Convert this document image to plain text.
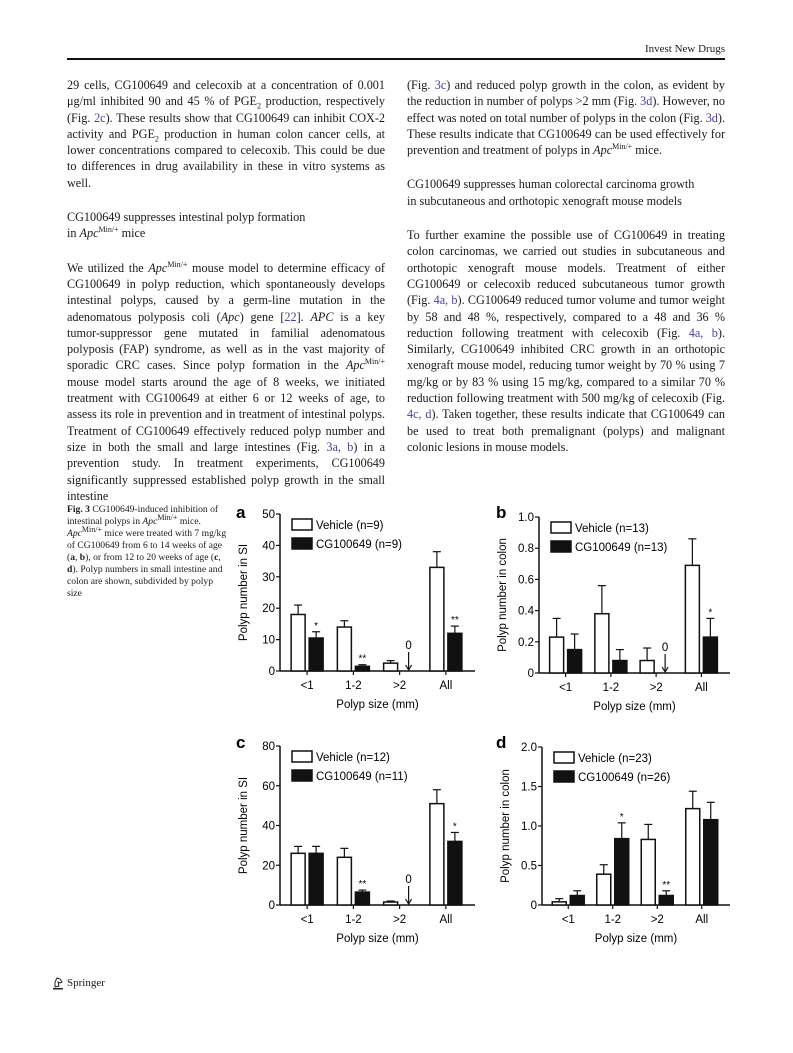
Invest New Drugs

29 cells, CG100649 and celecoxib at a concentration of 0.001 μg/ml inhibited 90 and 45 % of $PGE_2$ production, respectively (Fig. 2c). These results show that CG100649 can inhibit COX-2 activity and $PGE_2$ production in human colon cancer cells, at lower concentrations compared to celecoxib. This could be due to differences in drug availability in these in vitro systems as well.

CG100649 suppresses intestinal polyp formation
in Apc$^{Min/+}$ mice

We utilized the Apc$^{Min/+}$ mouse model to determine efficacy of CG100649 in polyp reduction, which spontaneously develops intestinal polyps, caused by a germ-line mutation in the adenomatous polyposis coli (Apc) gene [22]. APC is a key tumor-suppressor gene mutated in familial adenomatous polyposis (FAP) syndrome, as well as in the vast majority of sporadic CRC cases. Since polyp formation in the Apc$^{Min/+}$ mouse model starts around the age of 8 weeks, we initiated treatment with CG100649 at either 6 or 12 weeks of age, to assess its role in prevention and in treatment of intestinal polyps. Treatment of CG100649 effectively reduced polyp number and size in both the small and large intestines (Fig. 3a, b) in a prevention study. In treatment experiments, CG100649 significantly suppressed established polyp growth in the small intestine

(Fig. 3c) and reduced polyp growth in the colon, as evident by the reduction in number of polyps >2 mm (Fig. 3d). However, no effect was noted on total number of polyps in the colon (Fig. 3d). These results indicate that CG100649 can be used effectively for prevention and treatment of polyps in Apc$^{Min/+}$ mice.

CG100649 suppresses human colorectal carcinoma growth
in subcutaneous and orthotopic xenograft mouse models

To further examine the possible use of CG100649 in treating colon carcinomas, we carried out studies in subcutaneous and orthotopic xenograft mouse models. Treatment of either CG100649 or celecoxib reduced subcutaneous tumor growth (Fig. 4a, b). CG100649 reduced tumor volume and tumor weight by 58 and 48 %, respectively, compared to a 48 and 36 % reduction following treatment with celecoxib (Fig. 4a, b). Similarly, CG100649 inhibited CRC growth in an orthotopic xenograft mouse model, reducing tumor weight by 70 % using 7 mg/kg or by 83 % using 15 mg/kg, compared to a similar 70 % reduction following treatment with 500 mg/kg of celecoxib (Fig. 4c, d). Taken together, these results indicate that CG100649 can be used to treat both premalignant (polyps) and malignant colonic lesions in mouse models.

Fig. 3 CG100649-induced inhibition of intestinal polyps in Apc$^{Min/+}$ mice. Apc$^{Min/+}$ mice were treated with 7 mg/kg of CG100649 from 6 to 14 weeks of age (a, b), or from 12 to 20 weeks of age (c, d). Polyp numbers in small intestine and colon are shown, subdivided by polyp size
a
0
10
20
30
40
50
Polyp number in SI
<1
*
1-2
**
>2
0
All
**
Polyp size (mm)
Vehicle (n=9)
CG100649 (n=9)
b
0
0.2
0.4
0.6
0.8
1.0
Polyp number in colon
<1	1-2	>2
0
All
*
Polyp size (mm)
Vehicle (n=13)
CG100649 (n=13)
c
0
20
40
60
80
Polyp number in SI
<1	1-2
**
>2
0
All
*
Polyp size (mm)
Vehicle (n=12)
CG100649 (n=11)
d
0
0.5
1.0
1.5
2.0
Polyp number in colon
<1	1-2
*
>2
**
All
Polyp size (mm)
Vehicle (n=23)
CG100649 (n=26)
Springer
